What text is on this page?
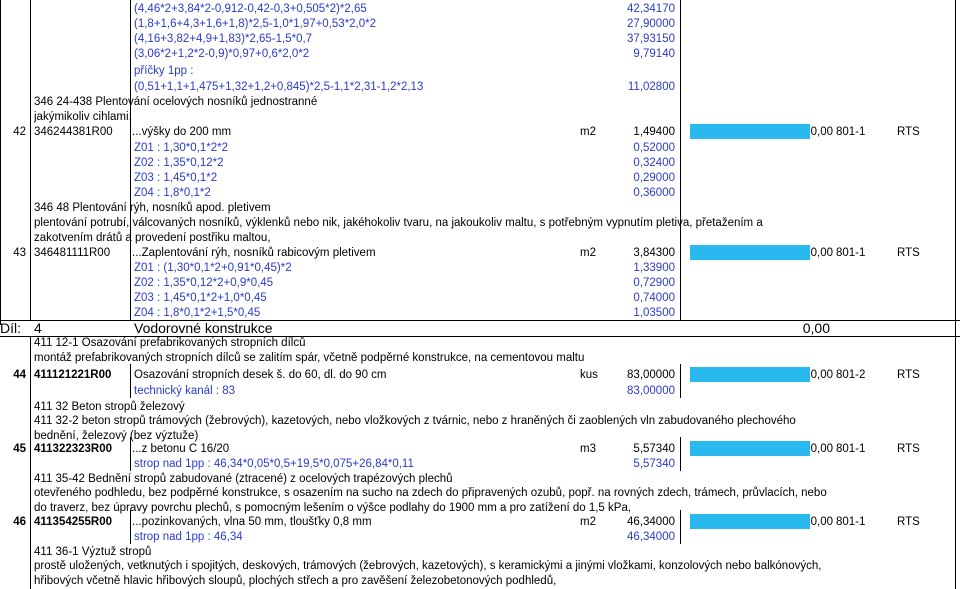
(4,46*2+3,84*2-0,912-0,42-0,3+0,505*2)*2,65	42,34170
(1,8+1,6+4,3+1,6+1,8)*2,5-1,0*1,97+0,53*2,0*2	27,90000
(4,16+3,82+4,9+1,83)*2,65-1,5*0,7	37,93150
(3,06*2+1,2*2-0,9)*0,97+0,6*2,0*2	9,79140
příčky 1pp :
(0,51+1,1+1,475+1,32+1,2+0,845)*2,5-1,1*2,31-1,2*2,13	11,02800
346 24-438 Plentování ocelových nosníků jednostranné
jakýmikoliv cihlami,
42 346244381R00 ...výšky do 200 mm	m2	1,49400	0,00 801-1	RTS
Z01 : 1,30*0,1*2*2	0,52000
Z02 : 1,35*0,12*2	0,32400
Z03 : 1,45*0,1*2	0,29000
Z04 : 1,8*0,1*2	0,36000
346 48 Plentování rýh, nosníků apod. pletivem
plentování potrubí, válcovaných nosníků, výklenků nebo nik, jakéhokoliv tvaru, na jakoukoliv maltu, s potřebným vypnutím pletiva, přetažením a zakotvením drátů a provedení postřiku maltou,
43 346481111R00 ...Zaplentování rýh, nosníků rabicovým pletivem	m2	3,84300	0,00 801-1	RTS
Z01 : (1,30*0,1*2+0,91*0,45)*2	1,33900
Z02 : 1,35*0,12*2+0,9*0,45	0,72900
Z03 : 1,45*0,1*2+1,0*0,45	0,74000
Z04 : 1,8*0,1*2+1,5*0,45	1,03500
Díl: 4	Vodorovné konstrukce	0,00
411 12-1 Osazování prefabrikovaných stropních dílců
montáž prefabrikovaných stropních dílců se zalitím spár, včetně podpěrné konstrukce, na cementovou maltu
44 411121221R00 Osazování stropních desek š. do 60, dl. do 90 cm	kus	83,00000	0,00 801-2	RTS
technický kanál : 83	83,00000
411 32 Beton stropů železový
411 32-2 beton stropů trámových (žebrových), kazetových, nebo vložkových z tvárnic, nebo z hraněných či zaoblených vln zabudovaného plechového bednění, železový (bez výztuže)
45 411322323R00 ...z betonu C 16/20	m3	5,57340	0,00 801-1	RTS
strop nad 1pp : 46,34*0,05*0,5+19,5*0,075+26,84*0,11	5,57340
411 35-42 Bednění stropů zabudované (ztracené) z ocelových trapézových plechů
otevřeného podhledu, bez podpěrné konstrukce, s osazením na sucho na zdech do připravených ozubů, popř. na rovných zdech, trámech, průvlacích, nebo do traverz, bez úpravy povrchu plechů, s pomocným lešením o výšce podlahy do 1900 mm a pro zatížení do 1,5 kPa,
46 411354255R00 ...pozinkovaných, vlna 50 mm, tloušťky 0,8 mm	m2	46,34000	0,00 801-1	RTS
strop nad 1pp : 46,34	46,34000
411 36-1 Výztuž stropů
prostě uložených, vetknutých i spojitých, deskových, trámových (žebrových, kazetových), s keramickými a jinými vložkami, konzolových nebo balkónových, hřibových včetně hlavic hřibových sloupů, plochých střech a pro zavěšení železobetonových podhledů,
